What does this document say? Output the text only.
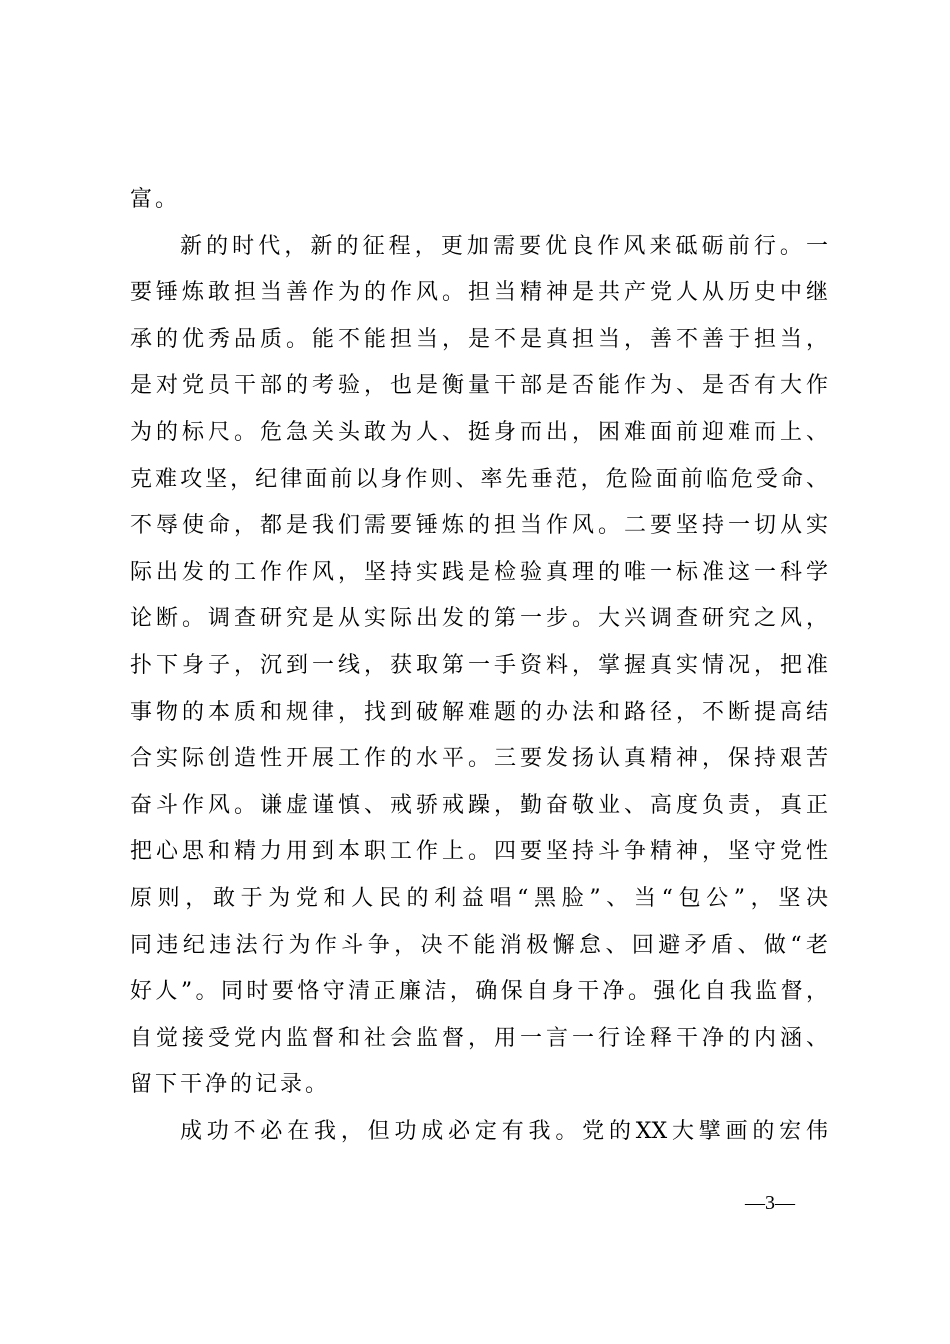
富。
新的时代，新的征程，更加需要优良作风来砥砺前行。一
要锤炼敢担当善作为的作风。担当精神是共产党人从历史中继
承的优秀品质。能不能担当，是不是真担当，善不善于担当，
是对党员干部的考验，也是衡量干部是否能作为、是否有大作
为的标尺。危急关头敢为人、挺身而出，困难面前迎难而上、
克难攻坚，纪律面前以身作则、率先垂范，危险面前临危受命、
不辱使命，都是我们需要锤炼的担当作风。二要坚持一切从实
际出发的工作作风，坚持实践是检验真理的唯一标准这一科学
论断。调查研究是从实际出发的第一步。大兴调查研究之风，
扑下身子，沉到一线，获取第一手资料，掌握真实情况，把准
事物的本质和规律，找到破解难题的办法和路径，不断提高结
合实际创造性开展工作的水平。三要发扬认真精神，保持艰苦
奋斗作风。谦虚谨慎、戒骄戒躁，勤奋敬业、高度负责，真正
把心思和精力用到本职工作上。四要坚持斗争精神，坚守党性
原则，敢于为党和人民的利益唱“黑脸”、当“包公”，坚决
同违纪违法行为作斗争，决不能消极懈怠、回避矛盾、做“老
好人”。同时要恪守清正廉洁，确保自身干净。强化自我监督，
自觉接受党内监督和社会监督，用一言一行诠释干净的内涵、
留下干净的记录。
成功不必在我，但功成必定有我。党的XX大擘画的宏伟
—3—
